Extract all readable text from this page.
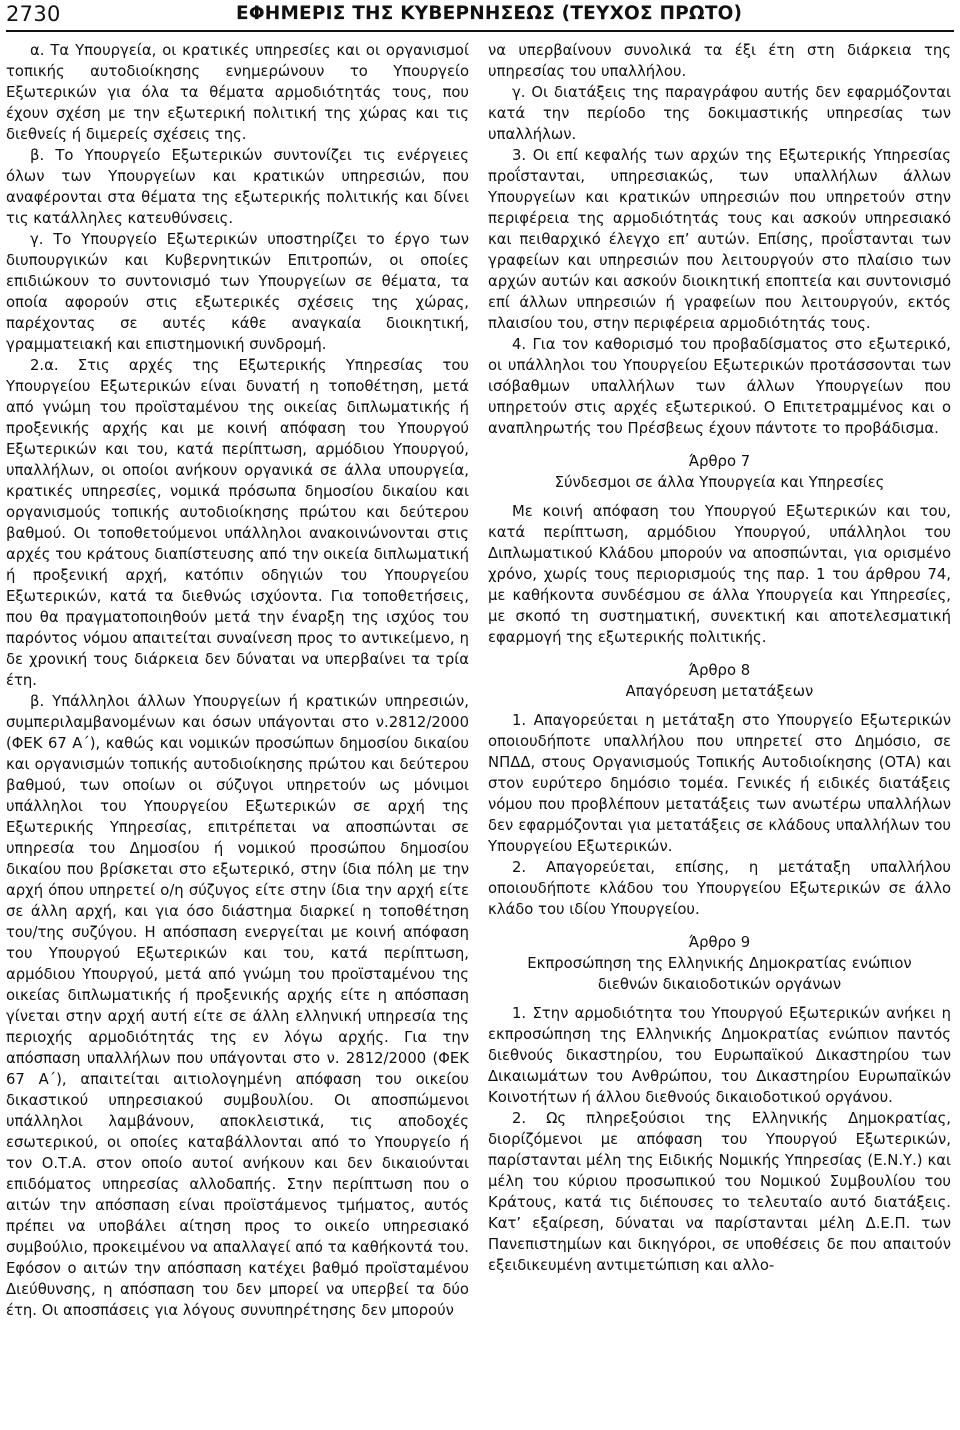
2730	ΕΦΗΜΕΡΙΣ ΤΗΣ ΚΥΒΕΡΝΗΣΕΩΣ (ΤΕΥΧΟΣ ΠΡΩΤΟ)

α. Τα Υπουργεία, οι κρατικές υπηρεσίες και οι οργανισμοί τοπικής αυτοδιοίκησης ενημερώνουν το Υπουργείο Εξωτερικών για όλα τα θέματα αρμοδιότητάς τους, που έχουν σχέση με την εξωτερική πολιτική της χώρας και τις διεθνείς ή διμερείς σχέσεις της.

β. Το Υπουργείο Εξωτερικών συντονίζει τις ενέργειες όλων των Υπουργείων και κρατικών υπηρεσιών, που αναφέρονται στα θέματα της εξωτερικής πολιτικής και δίνει τις κατάλληλες κατευθύνσεις.

γ. Το Υπουργείο Εξωτερικών υποστηρίζει το έργο των διυπουργικών και Κυβερνητικών Επιτροπών, οι οποίες επιδιώκουν το συντονισμό των Υπουργείων σε θέματα, τα οποία αφορούν στις εξωτερικές σχέσεις της χώρας, παρέχοντας σε αυτές κάθε αναγκαία διοικητική, γραμματειακή και επιστημονική συνδρομή.

2.α. Στις αρχές της Εξωτερικής Υπηρεσίας του Υπουργείου Εξωτερικών είναι δυνατή η τοποθέτηση, μετά από γνώμη του προϊσταμένου της οικείας διπλωματικής ή προξενικής αρχής και με κοινή απόφαση του Υπουργού Εξωτερικών και του, κατά περίπτωση, αρμόδιου Υπουργού, υπαλλήλων, οι οποίοι ανήκουν οργανικά σε άλλα υπουργεία, κρατικές υπηρεσίες, νομικά πρόσωπα δημοσίου δικαίου και οργανισμούς τοπικής αυτοδιοίκησης πρώτου και δεύτερου βαθμού. Οι τοποθετούμενοι υπάλληλοι ανακοινώνονται στις αρχές του κράτους διαπίστευσης από την οικεία διπλωματική ή προξενική αρχή, κατόπιν οδηγιών του Υπουργείου Εξωτερικών, κατά τα διεθνώς ισχύοντα. Για τοποθετήσεις, που θα πραγματοποιηθούν μετά την έναρξη της ισχύος του παρόντος νόμου απαιτείται συναίνεση προς το αντικείμενο, η δε χρονική τους διάρκεια δεν δύναται να υπερβαίνει τα τρία έτη.

β. Υπάλληλοι άλλων Υπουργείων ή κρατικών υπηρεσιών, συμπεριλαμβανομένων και όσων υπάγονται στο ν.2812/2000 (ΦΕΚ 67 Α΄), καθώς και νομικών προσώπων δημοσίου δικαίου και οργανισμών τοπικής αυτοδιοίκησης πρώτου και δεύτερου βαθμού, των οποίων οι σύζυγοι υπηρετούν ως μόνιμοι υπάλληλοι του Υπουργείου Εξωτερικών σε αρχή της Εξωτερικής Υπηρεσίας, επιτρέπεται να αποσπώνται σε υπηρεσία του Δημοσίου ή νομικού προσώπου δημοσίου δικαίου που βρίσκεται στο εξωτερικό, στην ίδια πόλη με την αρχή όπου υπηρετεί ο/η σύζυγος είτε στην ίδια την αρχή είτε σε άλλη αρχή, και για όσο διάστημα διαρκεί η τοποθέτηση του/της συζύγου. Η απόσπαση ενεργείται με κοινή απόφαση του Υπουργού Εξωτερικών και του, κατά περίπτωση, αρμόδιου Υπουργού, μετά από γνώμη του προϊσταμένου της οικείας διπλωματικής ή προξενικής αρχής είτε η απόσπαση γίνεται στην αρχή αυτή είτε σε άλλη ελληνική υπηρεσία της περιοχής αρμοδιότητάς της εν λόγω αρχής. Για την απόσπαση υπαλλήλων που υπάγονται στο ν. 2812/2000 (ΦΕΚ 67 Α΄), απαιτείται αιτιολογημένη απόφαση του οικείου δικαστικού υπηρεσιακού συμβουλίου. Οι αποσπώμενοι υπάλληλοι λαμβάνουν, αποκλειστικά, τις αποδοχές εσωτερικού, οι οποίες καταβάλλονται από το Υπουργείο ή τον Ο.Τ.Α. στον οποίο αυτοί ανήκουν και δεν δικαιούνται επιδόματος υπηρεσίας αλλοδαπής. Στην περίπτωση που ο αιτών την απόσπαση είναι προϊστάμενος τμήματος, αυτός πρέπει να υποβάλει αίτηση προς το οικείο υπηρεσιακό συμβούλιο, προκειμένου να απαλλαγεί από τα καθήκοντά του. Εφόσον ο αιτών την απόσπαση κατέχει βαθμό προϊσταμένου Διεύθυνσης, η απόσπαση του δεν μπορεί να υπερβεί τα δύο έτη. Οι αποσπάσεις για λόγους συνυπηρέτησης δεν μπορούν

να υπερβαίνουν συνολικά τα έξι έτη στη διάρκεια της υπηρεσίας του υπαλλήλου.

γ. Οι διατάξεις της παραγράφου αυτής δεν εφαρμόζονται κατά την περίοδο της δοκιμαστικής υπηρεσίας των υπαλλήλων.

3. Οι επί κεφαλής των αρχών της Εξωτερικής Υπηρεσίας προΐστανται, υπηρεσιακώς, των υπαλλήλων άλλων Υπουργείων και κρατικών υπηρεσιών που υπηρετούν στην περιφέρεια της αρμοδιότητάς τους και ασκούν υπηρεσιακό και πειθαρχικό έλεγχο επ’ αυτών. Επίσης, προΐστανται των γραφείων και υπηρεσιών που λειτουργούν στο πλαίσιο των αρχών αυτών και ασκούν διοικητική εποπτεία και συντονισμό επί άλλων υπηρεσιών ή γραφείων που λειτουργούν, εκτός πλαισίου του, στην περιφέρεια αρμοδιότητάς τους.

4. Για τον καθορισμό του προβαδίσματος στο εξωτερικό, οι υπάλληλοι του Υπουργείου Εξωτερικών προτάσσονται των ισόβαθμων υπαλλήλων των άλλων Υπουργείων που υπηρετούν στις αρχές εξωτερικού. Ο Επιτετραμμένος και ο αναπληρωτής του Πρέσβεως έχουν πάντοτε το προβάδισμα.

Άρθρο 7
Σύνδεσμοι σε άλλα Υπουργεία και Υπηρεσίες

Με κοινή απόφαση του Υπουργού Εξωτερικών και του, κατά περίπτωση, αρμόδιου Υπουργού, υπάλληλοι του Διπλωματικού Κλάδου μπορούν να αποσπώνται, για ορισμένο χρόνο, χωρίς τους περιορισμούς της παρ. 1 του άρθρου 74, με καθήκοντα συνδέσμου σε άλλα Υπουργεία και Υπηρεσίες, με σκοπό τη συστηματική, συνεκτική και αποτελεσματική εφαρμογή της εξωτερικής πολιτικής.

Άρθρο 8
Απαγόρευση μετατάξεων

1. Απαγορεύεται η μετάταξη στο Υπουργείο Εξωτερικών οποιουδήποτε υπαλλήλου που υπηρετεί στο Δημόσιο, σε ΝΠΔΔ, στους Οργανισμούς Τοπικής Αυτοδιοίκησης (ΟΤΑ) και στον ευρύτερο δημόσιο τομέα. Γενικές ή ειδικές διατάξεις νόμου που προβλέπουν μετατάξεις των ανωτέρω υπαλλήλων δεν εφαρμόζονται για μετατάξεις σε κλάδους υπαλλήλων του Υπουργείου Εξωτερικών.

2. Απαγορεύεται, επίσης, η μετάταξη υπαλλήλου οποιουδήποτε κλάδου του Υπουργείου Εξωτερικών σε άλλο κλάδο του ιδίου Υπουργείου.

Άρθρο 9
Εκπροσώπηση της Ελληνικής Δημοκρατίας ενώπιον
διεθνών δικαιοδοτικών οργάνων

1. Στην αρμοδιότητα του Υπουργού Εξωτερικών ανήκει η εκπροσώπηση της Ελληνικής Δημοκρατίας ενώπιον παντός διεθνούς δικαστηρίου, του Ευρωπαϊκού Δικαστηρίου των Δικαιωμάτων του Ανθρώπου, του Δικαστηρίου Ευρωπαϊκών Κοινοτήτων ή άλλου διεθνούς δικαιοδοτικού οργάνου.

2. Ως πληρεξούσιοι της Ελληνικής Δημοκρατίας, διορίζόμενοι με απόφαση του Υπουργού Εξωτερικών, παρίστανται μέλη της Ειδικής Νομικής Υπηρεσίας (Ε.Ν.Υ.) και μέλη του κύριου προσωπικού του Νομικού Συμβουλίου του Κράτους, κατά τις διέπουσες το τελευταίο αυτό διατάξεις. Κατ’ εξαίρεση, δύναται να παρίστανται μέλη Δ.Ε.Π. των Πανεπιστημίων και δικηγόροι, σε υποθέσεις δε που απαιτούν εξειδικευμένη αντιμετώπιση και αλλο-
